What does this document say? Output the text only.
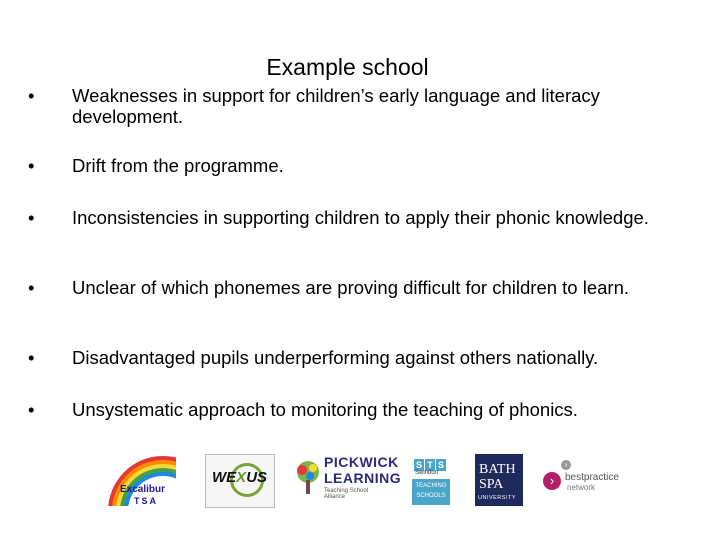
Example school
•	Weaknesses in support for children’s early language and literacy development.
•	Drift from the programme.
•	Inconsistencies in supporting children to apply their phonic knowledge.
•	Unclear of which phonemes are proving difficult for children to learn.
•	Disadvantaged pupils underperforming against others nationally.
•	Unsystematic approach to monitoring the teaching of phonics.
Excalibur
TSA
WEXUS
PICKWICK
LEARNING
Teaching School Alliance
S T S
Swindon
TEACHING
SCHOOLS
BATH
SPA
UNIVERSITY
›
›	bestpractice
network
